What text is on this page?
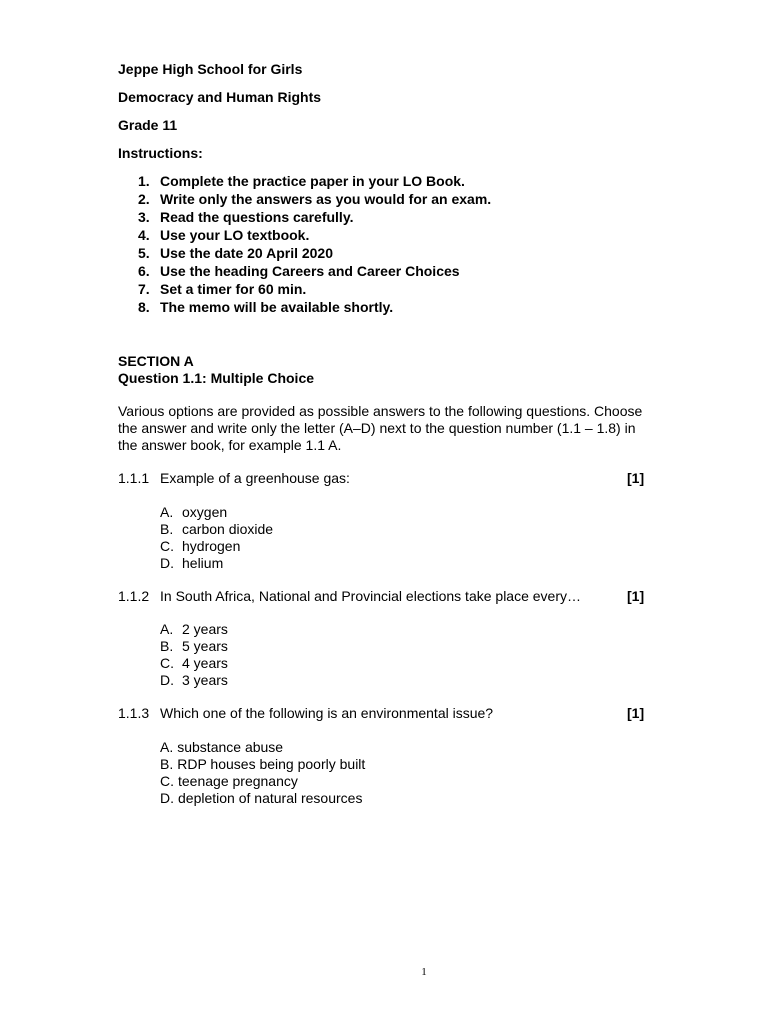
Jeppe High School for Girls
Democracy and Human Rights
Grade 11
Instructions:
1. Complete the practice paper in your LO Book.
2. Write only the answers as you would for an exam.
3. Read the questions carefully.
4. Use your LO textbook.
5. Use the date 20 April 2020
6. Use the heading Careers and Career Choices
7. Set a timer for 60 min.
8. The memo will be available shortly.
SECTION A
Question 1.1: Multiple Choice
Various options are provided as possible answers to the following questions. Choose the answer and write only the letter (A–D) next to the question number (1.1 – 1.8) in the answer book, for example 1.1 A.
1.1.1 Example of a greenhouse gas:	[1]
A. oxygen
B. carbon dioxide
C. hydrogen
D. helium
1.1.2 In South Africa, National and Provincial elections take place every…	[1]
A. 2 years
B. 5 years
C. 4 years
D. 3 years
1.1.3 Which one of the following is an environmental issue?	[1]
A. substance abuse
B. RDP houses being poorly built
C. teenage pregnancy
D. depletion of natural resources
1
